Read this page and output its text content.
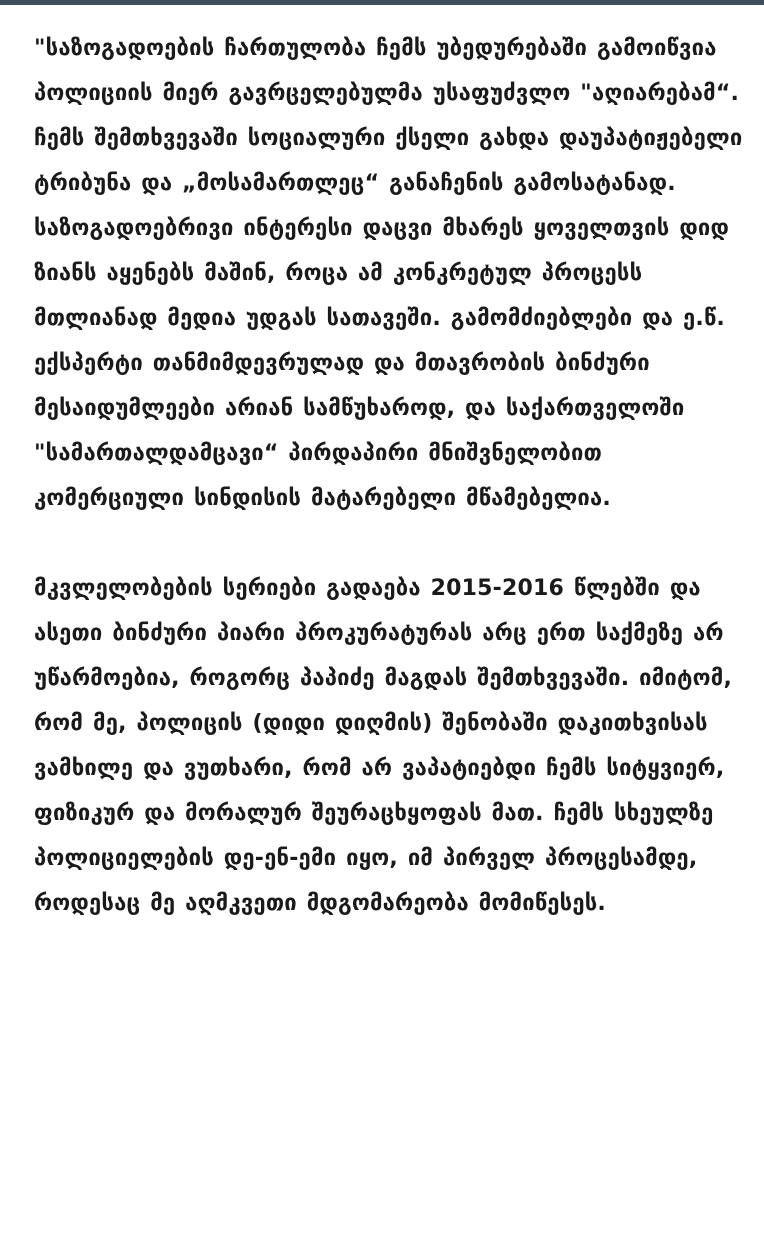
"საზოგადოების ჩართულობა ჩემს უბედურებაში გამოიწვია პოლიციის მიერ გავრცელებულმა უსაფუძვლო "აღიარებამ“. ჩემს შემთხვევაში სოციალური ქსელი გახდა დაუპატიჟებელი ტრიბუნა და „მოსამართლეც“ განაჩენის გამოსატანად. საზოგადოებრივი ინტერესი დაცვი მხარეს ყოველთვის დიდ ზიანს აყენებს მაშინ, როცა ამ კონკრეტულ პროცესს მთლიანად მედია უდგას სათავეში. გამომძიებლები და ე.წ. ექსპერტი თანმიმდევრულად და მთავრობის ბინძური მესაიდუმლეები არიან სამწუხაროდ, და საქართველოში "სამართალდამცავი“ პირდაპირი მნიშვნელობით კომერციული სინდისის მატარებელი მწამებელია.

მკვლელობების სერიები გადაება 2015-2016 წლებში და ასეთი ბინძური პიარი პროკურატურას არც ერთ საქმეზე არ უწარმოებია, როგორც პაპიძე მაგდას შემთხვევაში. იმიტომ, რომ მე, პოლიცის (დიდი დიღმის) შენობაში დაკითხვისას ვამხილე და ვუთხარი, რომ არ ვაპატიებდი ჩემს სიტყვიერ, ფიზიკურ და მორალურ შეურაცხყოფას მათ. ჩემს სხეულზე პოლიციელების დე-ენ-ემი იყო, იმ პირველ პროცესამდე, როდესაც მე აღმკვეთი მდგომარეობა მომიწესეს.
